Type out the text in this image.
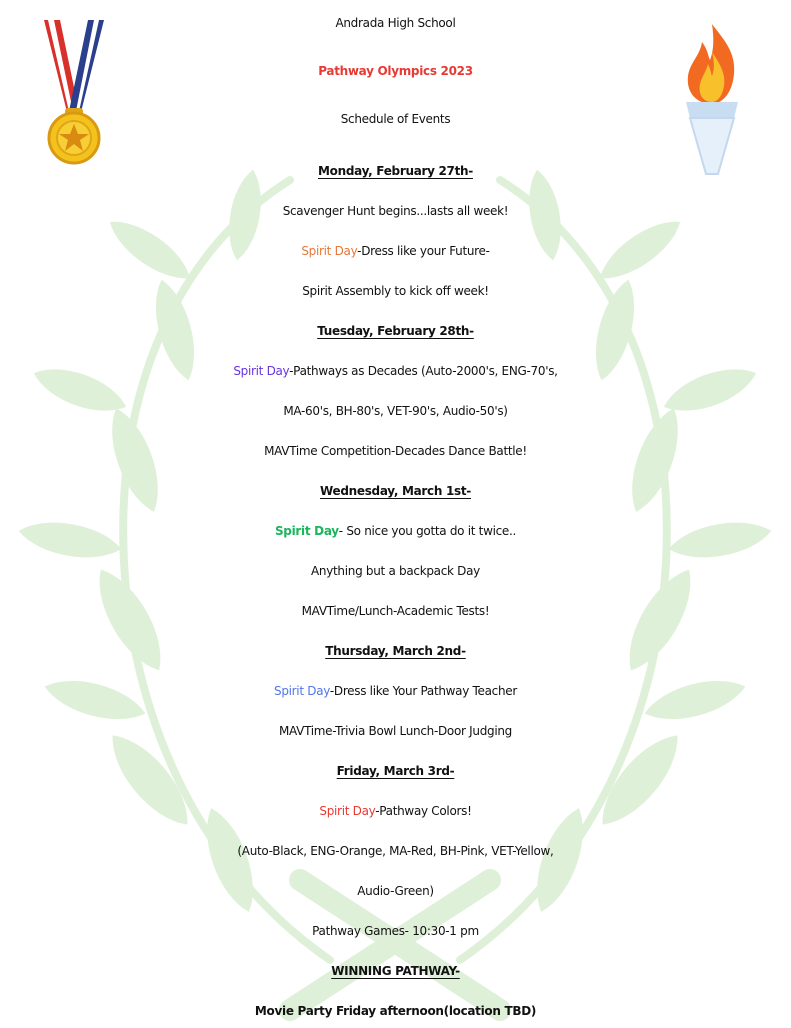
Andrada High School
Pathway Olympics 2023
Schedule of Events
Monday, February 27th-
Scavenger Hunt begins...lasts all week!
Spirit Day-Dress like your Future-
Spirit Assembly to kick off week!
Tuesday, February 28th-
Spirit Day-Pathways as Decades (Auto-2000's, ENG-70's,
MA-60's, BH-80's, VET-90's, Audio-50's)
MAVTime Competition-Decades Dance Battle!
Wednesday, March 1st-
Spirit Day- So nice you gotta do it twice..
Anything but a backpack Day
MAVTime/Lunch-Academic Tests!
Thursday, March 2nd-
Spirit Day-Dress like Your Pathway Teacher
MAVTime-Trivia Bowl Lunch-Door Judging
Friday, March 3rd-
Spirit Day-Pathway Colors!
(Auto-Black, ENG-Orange, MA-Red, BH-Pink, VET-Yellow,
Audio-Green)
Pathway Games- 10:30-1 pm
WINNING PATHWAY-
Movie Party Friday afternoon(location TBD)
